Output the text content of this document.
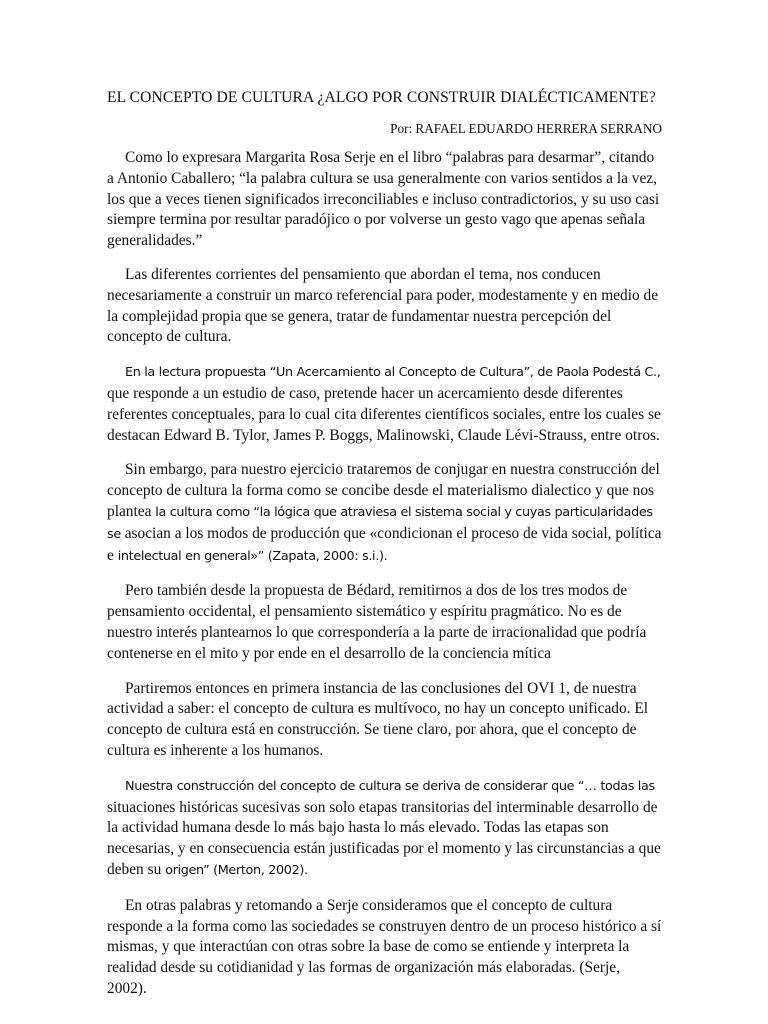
EL CONCEPTO DE CULTURA ¿ALGO POR CONSTRUIR DIALÉCTICAMENTE?

Por: RAFAEL EDUARDO HERRERA SERRANO

Como lo expresara Margarita Rosa Serje en el libro “palabras para desarmar”, citando a Antonio Caballero; “la palabra cultura se usa generalmente con varios sentidos a la vez, los que a veces tienen significados irreconciliables e incluso contradictorios, y su uso casi siempre termina por resultar paradójico o por volverse un gesto vago que apenas señala generalidades.”

Las diferentes corrientes del pensamiento que abordan el tema, nos conducen necesariamente a construir un marco referencial para poder, modestamente y en medio de la complejidad propia que se genera, tratar de fundamentar nuestra percepción del concepto de cultura.

En la lectura propuesta “Un Acercamiento al Concepto de Cultura”, de Paola Podestá C., que responde a un estudio de caso, pretende hacer un acercamiento desde diferentes referentes conceptuales, para lo cual cita diferentes científicos sociales, entre los cuales se destacan Edward B. Tylor, James P. Boggs, Malinowski, Claude Lévi-Strauss, entre otros.

Sin embargo, para nuestro ejercicio trataremos de conjugar en nuestra construcción del concepto de cultura la forma como se concibe desde el materialismo dialectico y que nos plantea la cultura como “la lógica que atraviesa el sistema social y cuyas particularidades se asocian a los modos de producción que «condicionan el proceso de vida social, política e intelectual en general»” (Zapata, 2000: s.i.).

Pero también desde la propuesta de Bédard, remitirnos a dos de los tres modos de pensamiento occidental, el pensamiento sistemático y espíritu pragmático. No es de nuestro interés plantearnos lo que correspondería a la parte de irracionalidad que podría contenerse en el mito y por ende en el desarrollo de la conciencia mítica

Partiremos entonces en primera instancia de las conclusiones del OVI 1, de nuestra actividad a saber: el concepto de cultura es multívoco, no hay un concepto unificado. El concepto de cultura está en construcción. Se tiene claro, por ahora, que el concepto de cultura es inherente a los humanos.

Nuestra construcción del concepto de cultura se deriva de considerar que “… todas las situaciones históricas sucesivas son solo etapas transitorias del interminable desarrollo de la actividad humana desde lo más bajo hasta lo más elevado. Todas las etapas son necesarias, y en consecuencia están justificadas por el momento y las circunstancias a que deben su origen” (Merton, 2002).

En otras palabras y retomando a Serje consideramos que el concepto de cultura responde a la forma como las sociedades se construyen dentro de un proceso histórico a sí mismas, y que interactúan con otras sobre la base de como se entiende y interpreta la realidad desde su cotidianidad y las formas de organización más elaboradas. (Serje, 2002).
